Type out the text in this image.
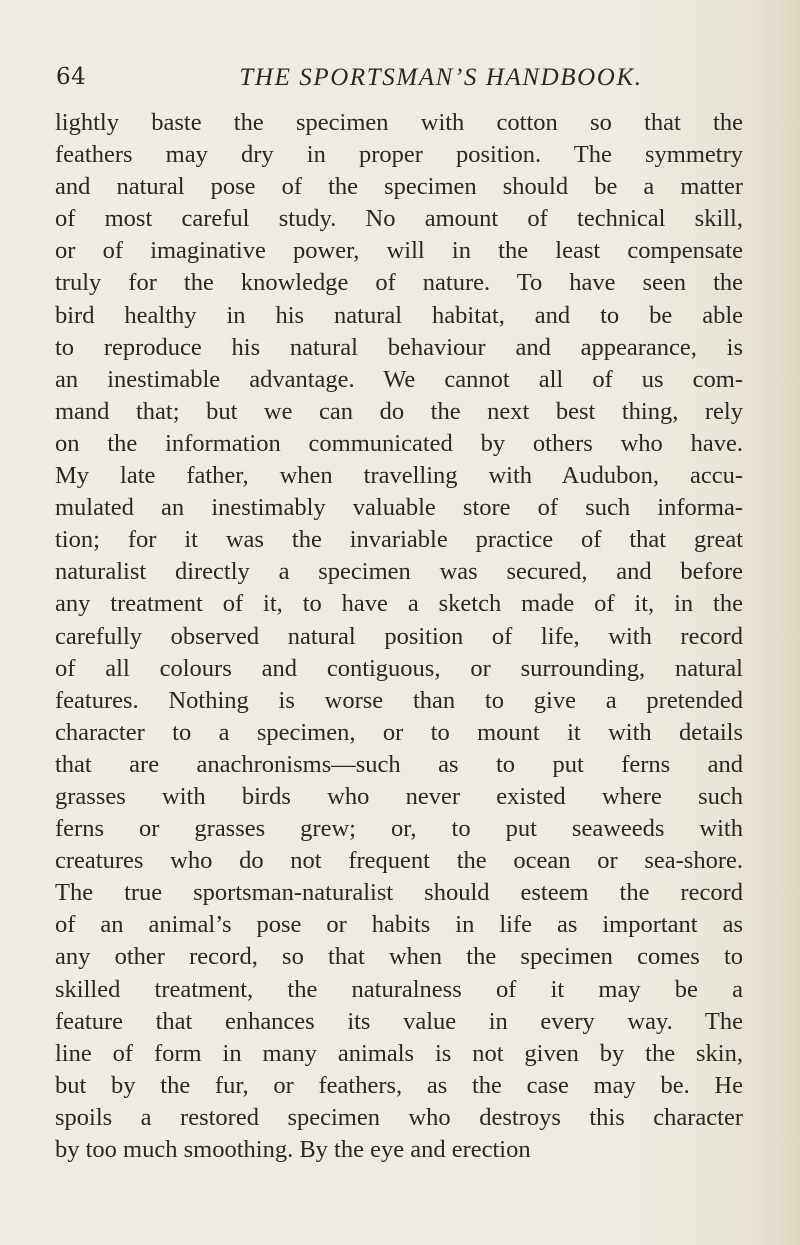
64	THE SPORTSMAN’S HANDBOOK.
lightly baste the specimen with cotton so that the
feathers may dry in proper position. The symmetry
and natural pose of the specimen should be a matter
of most careful study. No amount of technical skill,
or of imaginative power, will in the least compensate
truly for the knowledge of nature. To have seen the
bird healthy in his natural habitat, and to be able
to reproduce his natural behaviour and appearance, is
an inestimable advantage. We cannot all of us com-
mand that; but we can do the next best thing, rely
on the information communicated by others who have.
My late father, when travelling with Audubon, accu-
mulated an inestimably valuable store of such informa-
tion; for it was the invariable practice of that great
naturalist directly a specimen was secured, and before
any treatment of it, to have a sketch made of it, in the
carefully observed natural position of life, with record
of all colours and contiguous, or surrounding, natural
features. Nothing is worse than to give a pretended
character to a specimen, or to mount it with details
that are anachronisms—such as to put ferns and
grasses with birds who never existed where such
ferns or grasses grew; or, to put seaweeds with
creatures who do not frequent the ocean or sea-shore.
The true sportsman-naturalist should esteem the record
of an animal’s pose or habits in life as important as
any other record, so that when the specimen comes to
skilled treatment, the naturalness of it may be a
feature that enhances its value in every way. The
line of form in many animals is not given by the skin,
but by the fur, or feathers, as the case may be. He
spoils a restored specimen who destroys this character
by too much smoothing. By the eye and erection
